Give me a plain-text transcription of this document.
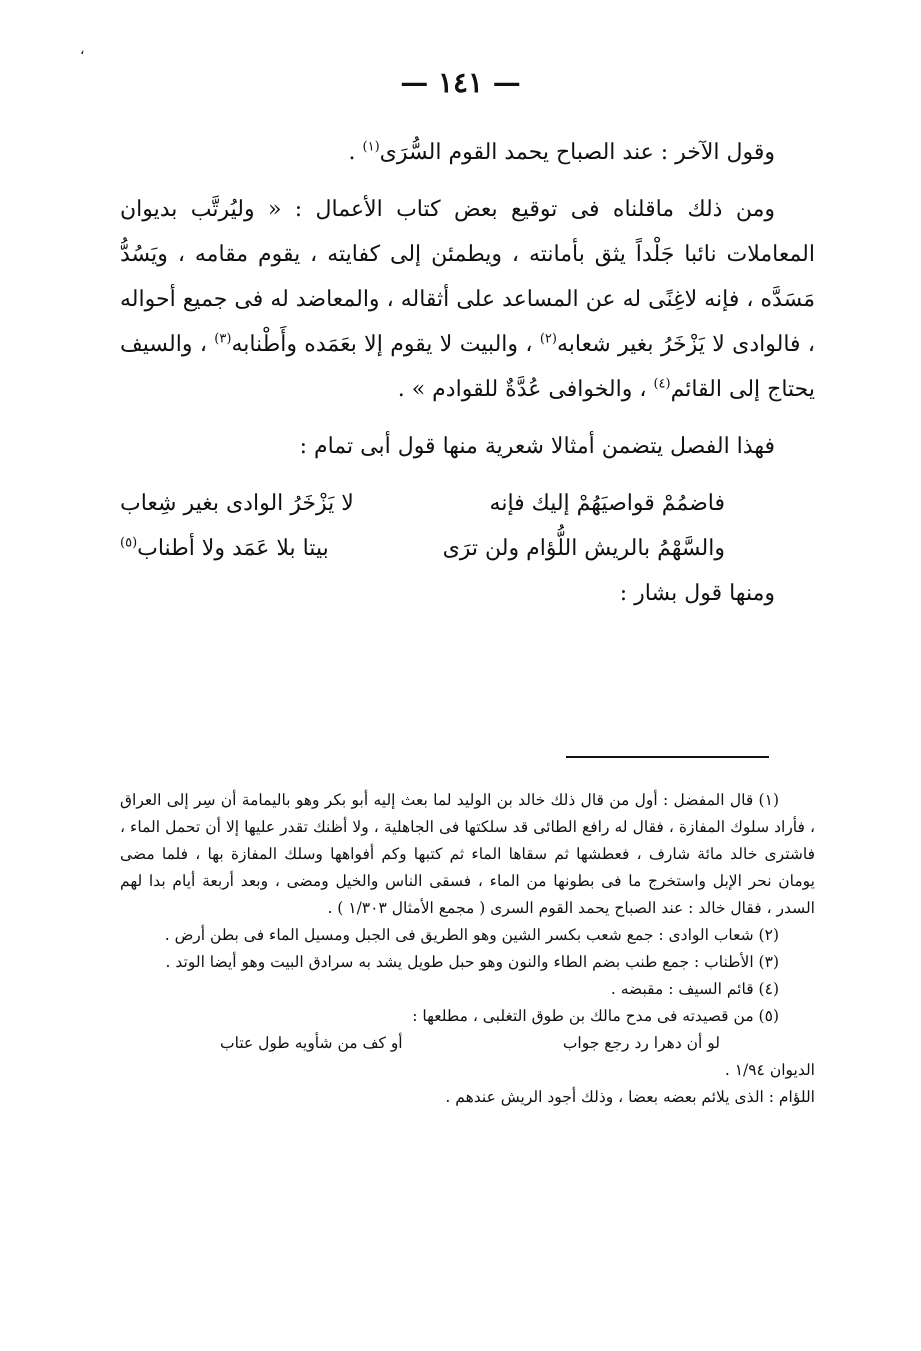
،
— ١٤١ —

وقول الآخر : عند الصباح يحمد القوم السُّرَى$^{(١)}$ .

ومن ذلك ماقلناه فى توقيع بعض كتاب الأعمال : « وليُرتَّب بديوان المعاملات نائبا جَلْداً يثق بأمانته ، ويطمئن إلى كفايته ، يقوم مقامه ، ويَسُدُّ مَسَدَّه ، فإنه لاغِنًى له عن المساعد على أثقاله ، والمعاضد له فى جميع أحواله ، فالوادى لا يَزْخَرُ بغير شعابه$^{(٢)}$ ، والبيت لا يقوم إلا بعَمَده وأَطْنابه$^{(٣)}$ ، والسيف يحتاج إلى القائم$^{(٤)}$ ، والخوافى عُدَّةٌ للقوادم » .

فهذا الفصل يتضمن أمثالا شعرية منها قول أبى تمام :

فاضمُمْ قواصيَهُمْ إليك فإنه
لا يَزْخَرُ الوادى بغير شِعاب
والسَّهْمُ بالريش اللُّؤام ولن ترَى
بيتا بلا عَمَد ولا أطناب$^{(٥)}$

ومنها قول بشار :

(١) قال المفضل : أول من قال ذلك خالد بن الوليد لما بعث إليه أبو بكر وهو باليمامة أن سِر إلى العراق ، فأراد سلوك المفازة ، فقال له رافع الطائى قد سلكتها فى الجاهلية ، ولا أظنك تقدر عليها إلا أن تحمل الماء ، فاشترى خالد مائة شارف ، فعطشها ثم سقاها الماء ثم كتبها وكم أفواهها وسلك المفازة بها ، فلما مضى يومان نحر الإبل واستخرج ما فى بطونها من الماء ، فسقى الناس والخيل ومضى ، وبعد أربعة أيام بدا لهم السدر ، فقال خالد : عند الصباح يحمد القوم السرى ( مجمع الأمثال ١/٣٠٣ ) .

(٢) شعاب الوادى : جمع شعب بكسر الشين وهو الطريق فى الجبل ومسيل الماء فى بطن أرض .

(٣) الأطناب : جمع طنب بضم الطاء والنون وهو حبل طويل يشد به سرادق البيت وهو أيضا الوتد .

(٤) قائم السيف : مقبضه .

(٥) من قصيدته فى مدح مالك بن طوق التغلبى ، مطلعها :

لو أن دهرا رد رجع جواب
أو كف من شأويه طول عتاب

الديوان ١/٩٤ .

اللؤام : الذى يلائم بعضه بعضا ، وذلك أجود الريش عندهم .
